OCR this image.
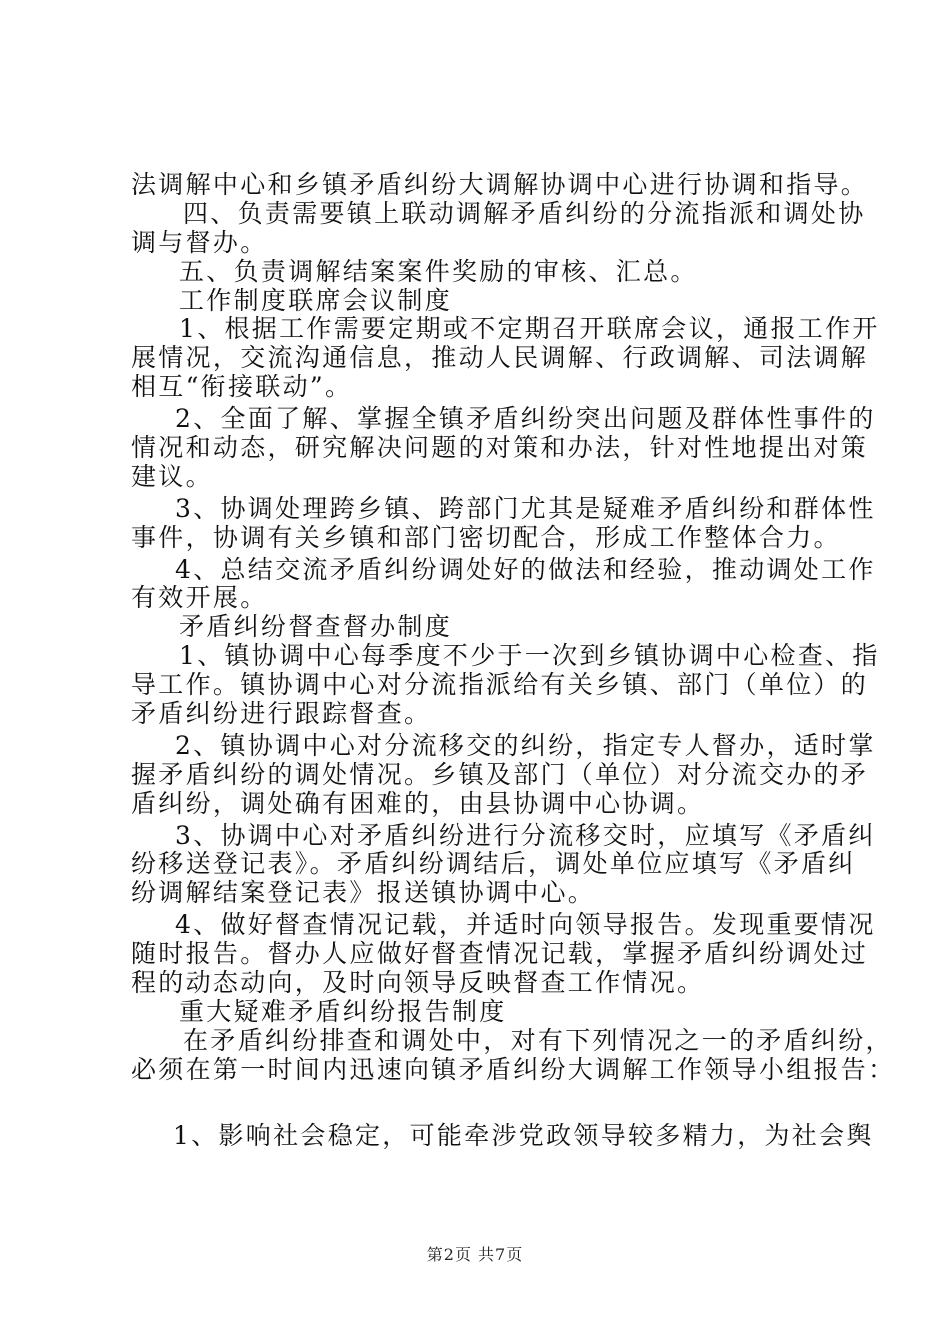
法调解中心和乡镇矛盾纠纷大调解协调中心进行协调和指导。
四、负责需要镇上联动调解矛盾纠纷的分流指派和调处协
调与督办。
五、负责调解结案案件奖励的审核、汇总。
工作制度联席会议制度
1、根据工作需要定期或不定期召开联席会议，通报工作开
展情况，交流沟通信息，推动人民调解、行政调解、司法调解
相互“衔接联动”。
2、全面了解、掌握全镇矛盾纠纷突出问题及群体性事件的
情况和动态，研究解决问题的对策和办法，针对性地提出对策
建议。
3、协调处理跨乡镇、跨部门尤其是疑难矛盾纠纷和群体性
事件，协调有关乡镇和部门密切配合，形成工作整体合力。
4、总结交流矛盾纠纷调处好的做法和经验，推动调处工作
有效开展。
矛盾纠纷督查督办制度
1、镇协调中心每季度不少于一次到乡镇协调中心检查、指
导工作。镇协调中心对分流指派给有关乡镇、部门（单位）的
矛盾纠纷进行跟踪督查。
2、镇协调中心对分流移交的纠纷，指定专人督办，适时掌
握矛盾纠纷的调处情况。乡镇及部门（单位）对分流交办的矛
盾纠纷，调处确有困难的，由县协调中心协调。
3、协调中心对矛盾纠纷进行分流移交时，应填写《矛盾纠
纷移送登记表》。矛盾纠纷调结后，调处单位应填写《矛盾纠
纷调解结案登记表》报送镇协调中心。
4、做好督查情况记载，并适时向领导报告。发现重要情况
随时报告。督办人应做好督查情况记载，掌握矛盾纠纷调处过
程的动态动向，及时向领导反映督查工作情况。
重大疑难矛盾纠纷报告制度
在矛盾纠纷排查和调处中，对有下列情况之一的矛盾纠纷，
必须在第一时间内迅速向镇矛盾纠纷大调解工作领导小组报告：
1、影响社会稳定，可能牵涉党政领导较多精力，为社会舆
第2页 共7页
